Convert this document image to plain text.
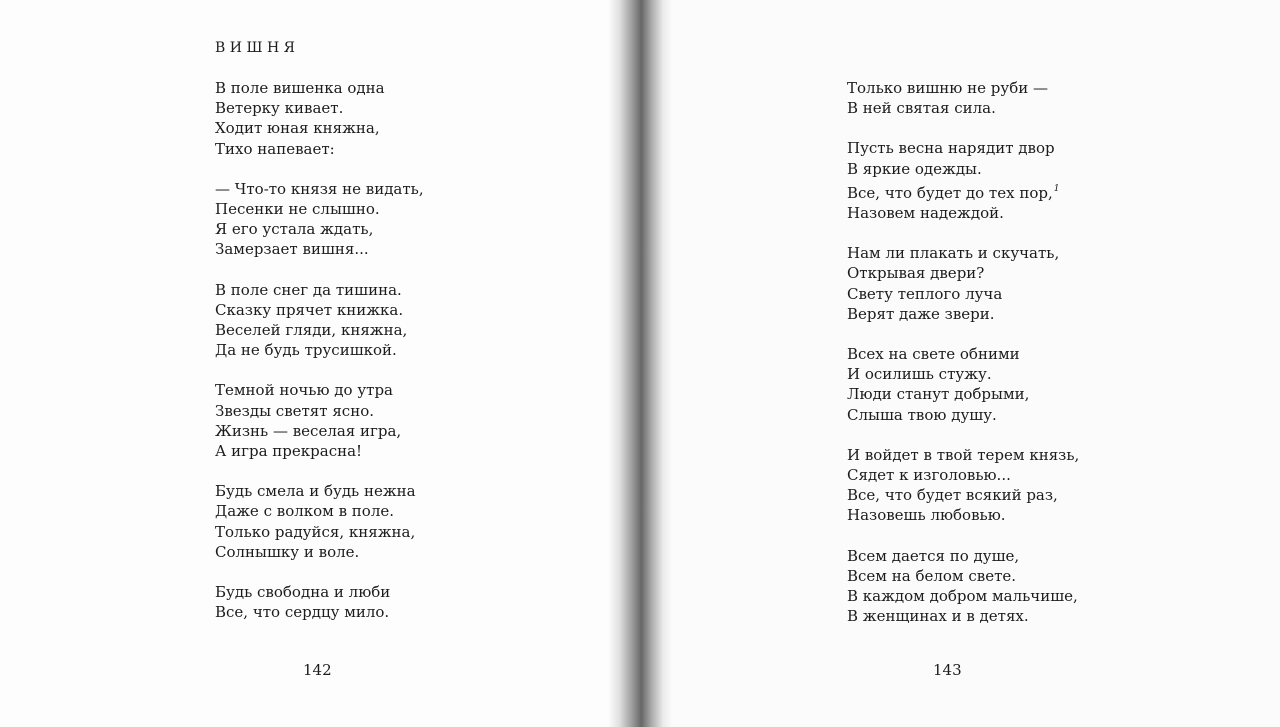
ВИШНЯ
В поле вишенка одна
Ветерку кивает.
Ходит юная княжна,
Тихо напевает:
— Что-то князя не видать,
Песенки не слышно.
Я его устала ждать,
Замерзает вишня...
В поле снег да тишина.
Сказку прячет книжка.
Веселей гляди, княжна,
Да не будь трусишкой.
Темной ночью до утра
Звезды светят ясно.
Жизнь — веселая игра,
А игра прекрасна!
Будь смела и будь нежна
Даже с волком в поле.
Только радуйся, княжна,
Солнышку и воле.
Будь свободна и люби
Все, что сердцу мило.
142	143
Только вишню не руби —
В ней святая сила.
Пусть весна нарядит двор
В яркие одежды.
Все, что будет до тех пор,$^1$
Назовем надеждой.
Нам ли плакать и скучать,
Открывая двери?
Свету теплого луча
Верят даже звери.
Всех на свете обними
И осилишь стужу.
Люди станут добрыми,
Слыша твою душу.
И войдет в твой терем князь,
Сядет к изголовью...
Все, что будет всякий раз,
Назовешь любовью.
Всем дается по душе,
Всем на белом свете.
В каждом добром мальчише,
В женщинах и в детях.
